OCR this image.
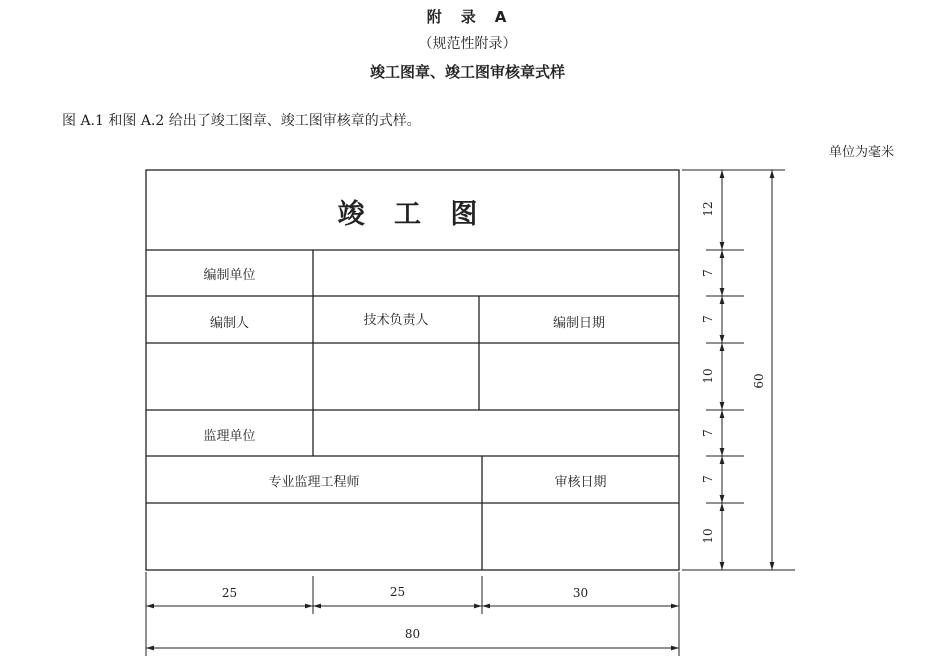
附　录　A
（规范性附录）
竣工图章、竣工图审核章式样
图 A.1 和图 A.2 给出了竣工图章、竣工图审核章的式样。
单位为毫米
竣 工 图
编制单位
编制人	技术负责人	编制日期
监理单位
专业监理工程师	审核日期
25	25	30
80
12
7
7
10
7
7
10
60
